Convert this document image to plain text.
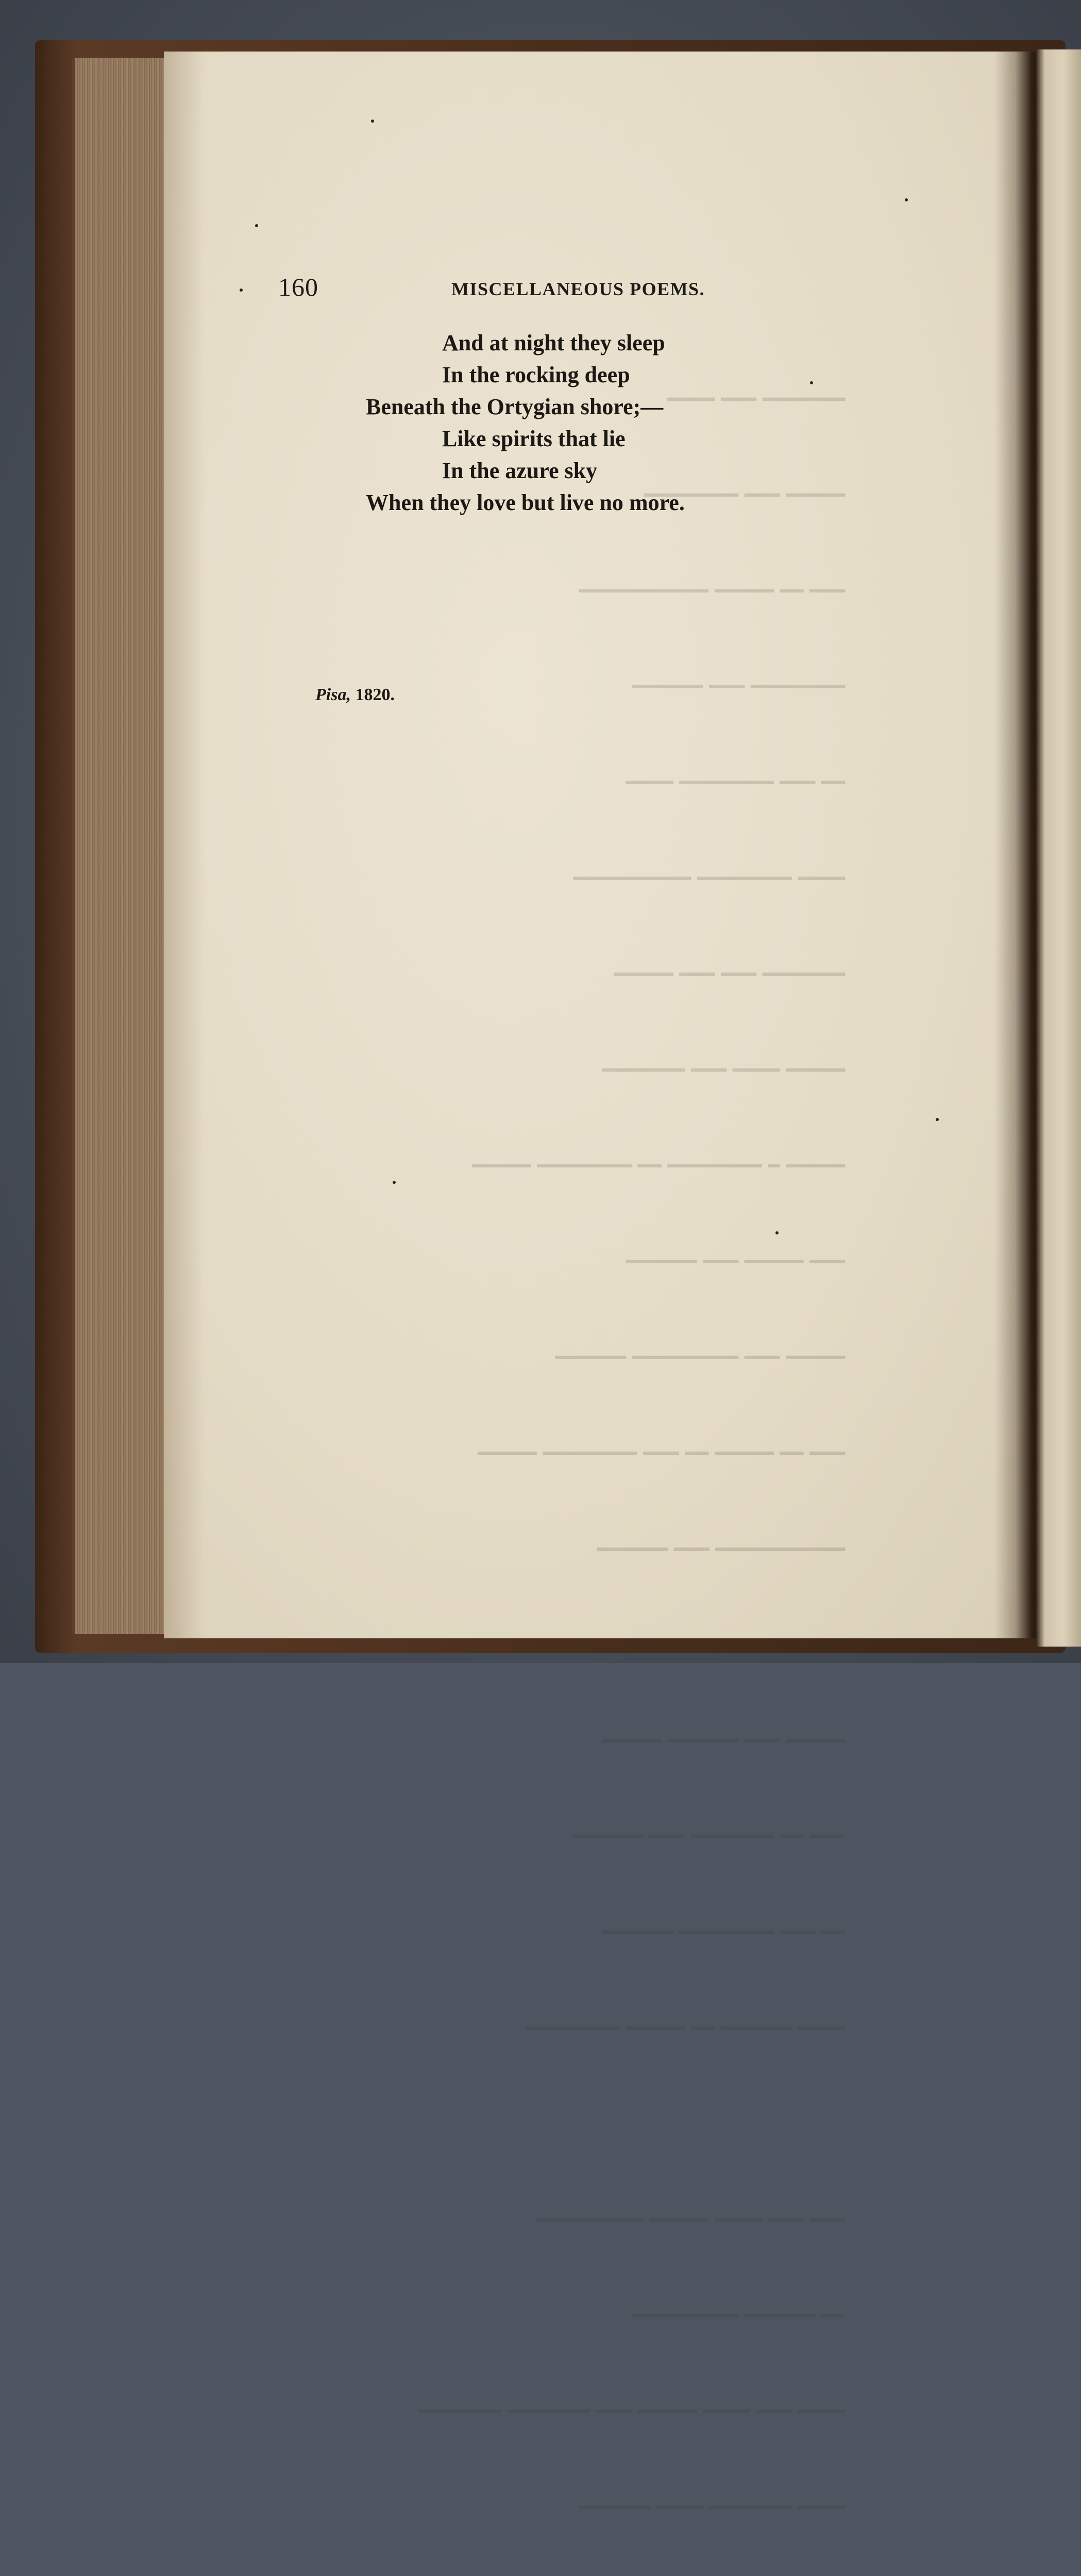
━━━━━ ━━━ ━━━━━━ ━━━━━

━━━ ━━ ━━━━━━━ ━━━ ━━━━━━

━━ ━━━ ━━━━━━━━ ━━━━━━

━━━━ ━━━━━━ ━━ ━━━━━ ━━━━━━━━

━━━ ━━━ ━━━━ ━━━━━ ━━━━━━━━━

━━ ━━━━━━ ━━━━━━━━━

━━━━ ━━━ ━━━━ ━━━━━ ━━━ ━━━━━━━ ━━━━━━━

━━━━ ━━━━━━━ ━━━━ ━━━━━━

160	MISCELLANEOUS POEMS.
And at night they sleep
In the rocking deep
Beneath the Ortygian shore;—
Like spirits that lie
In the azure sky
When they love but live no more.
Pisa, 1820.
